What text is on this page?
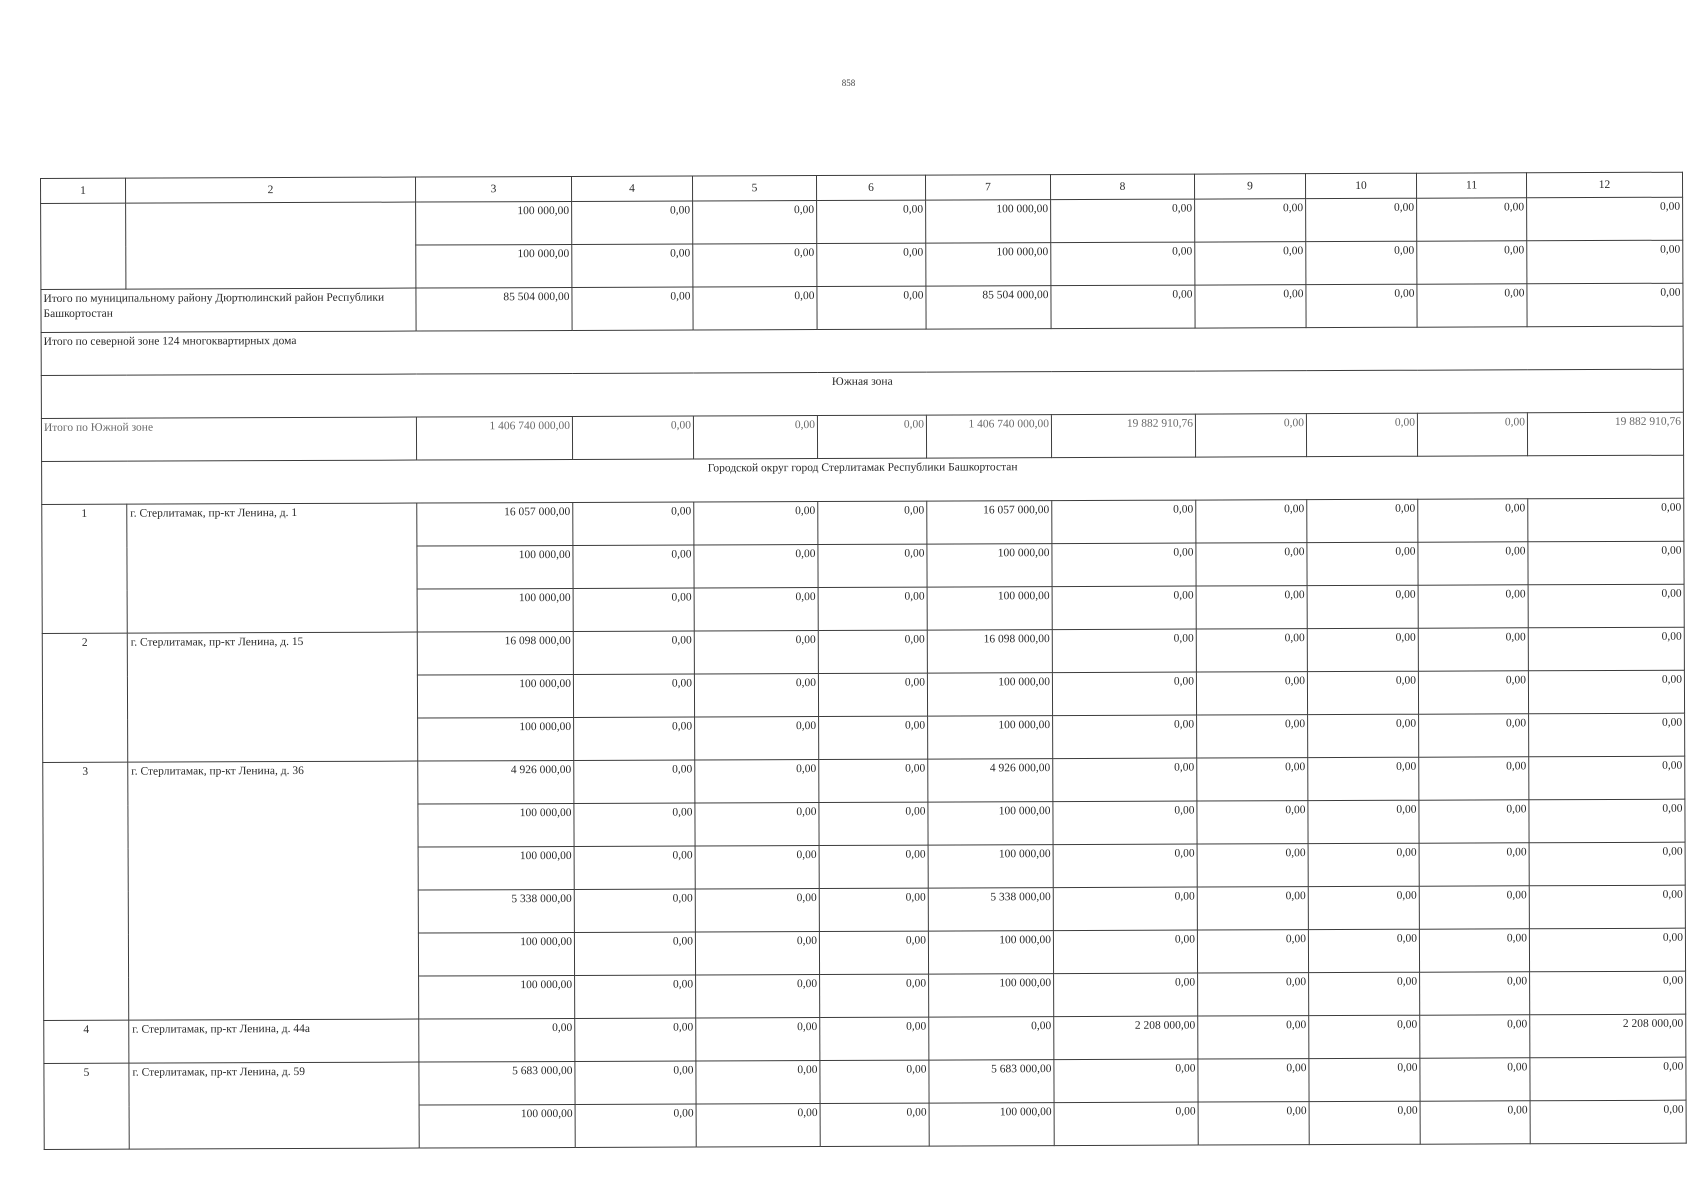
858
1	2	3	4	5	6	7	8	9	10	11	12
		100 000,00	0,00	0,00	0,00	100 000,00	0,00	0,00	0,00	0,00	0,00
		100 000,00	0,00	0,00	0,00	100 000,00	0,00	0,00	0,00	0,00	0,00
Итого по муниципальному району Дюртюлинский район Республики Башкортостан		85 504 000,00	0,00	0,00	0,00	85 504 000,00	0,00	0,00	0,00	0,00	0,00
Итого по северной зоне 124 многоквартирных дома											
Южная зона											
Итого по Южной зоне		1 406 740 000,00	0,00	0,00	0,00	1 406 740 000,00	19 882 910,76	0,00	0,00	0,00	19 882 910,76
Городской округ город Стерлитамак Республики Башкортостан											
1	г. Стерлитамак, пр-кт Ленина, д. 1	16 057 000,00	0,00	0,00	0,00	16 057 000,00	0,00	0,00	0,00	0,00	0,00
		100 000,00	0,00	0,00	0,00	100 000,00	0,00	0,00	0,00	0,00	0,00
		100 000,00	0,00	0,00	0,00	100 000,00	0,00	0,00	0,00	0,00	0,00
2	г. Стерлитамак, пр-кт Ленина, д. 15	16 098 000,00	0,00	0,00	0,00	16 098 000,00	0,00	0,00	0,00	0,00	0,00
		100 000,00	0,00	0,00	0,00	100 000,00	0,00	0,00	0,00	0,00	0,00
		100 000,00	0,00	0,00	0,00	100 000,00	0,00	0,00	0,00	0,00	0,00
3	г. Стерлитамак, пр-кт Ленина, д. 36	4 926 000,00	0,00	0,00	0,00	4 926 000,00	0,00	0,00	0,00	0,00	0,00
		100 000,00	0,00	0,00	0,00	100 000,00	0,00	0,00	0,00	0,00	0,00
		100 000,00	0,00	0,00	0,00	100 000,00	0,00	0,00	0,00	0,00	0,00
		5 338 000,00	0,00	0,00	0,00	5 338 000,00	0,00	0,00	0,00	0,00	0,00
		100 000,00	0,00	0,00	0,00	100 000,00	0,00	0,00	0,00	0,00	0,00
		100 000,00	0,00	0,00	0,00	100 000,00	0,00	0,00	0,00	0,00	0,00
4	г. Стерлитамак, пр-кт Ленина, д. 44а	0,00	0,00	0,00	0,00	0,00	2 208 000,00	0,00	0,00	0,00	2 208 000,00
5	г. Стерлитамак, пр-кт Ленина, д. 59	5 683 000,00	0,00	0,00	0,00	5 683 000,00	0,00	0,00	0,00	0,00	0,00
		100 000,00	0,00	0,00	0,00	100 000,00	0,00	0,00	0,00	0,00	0,00
